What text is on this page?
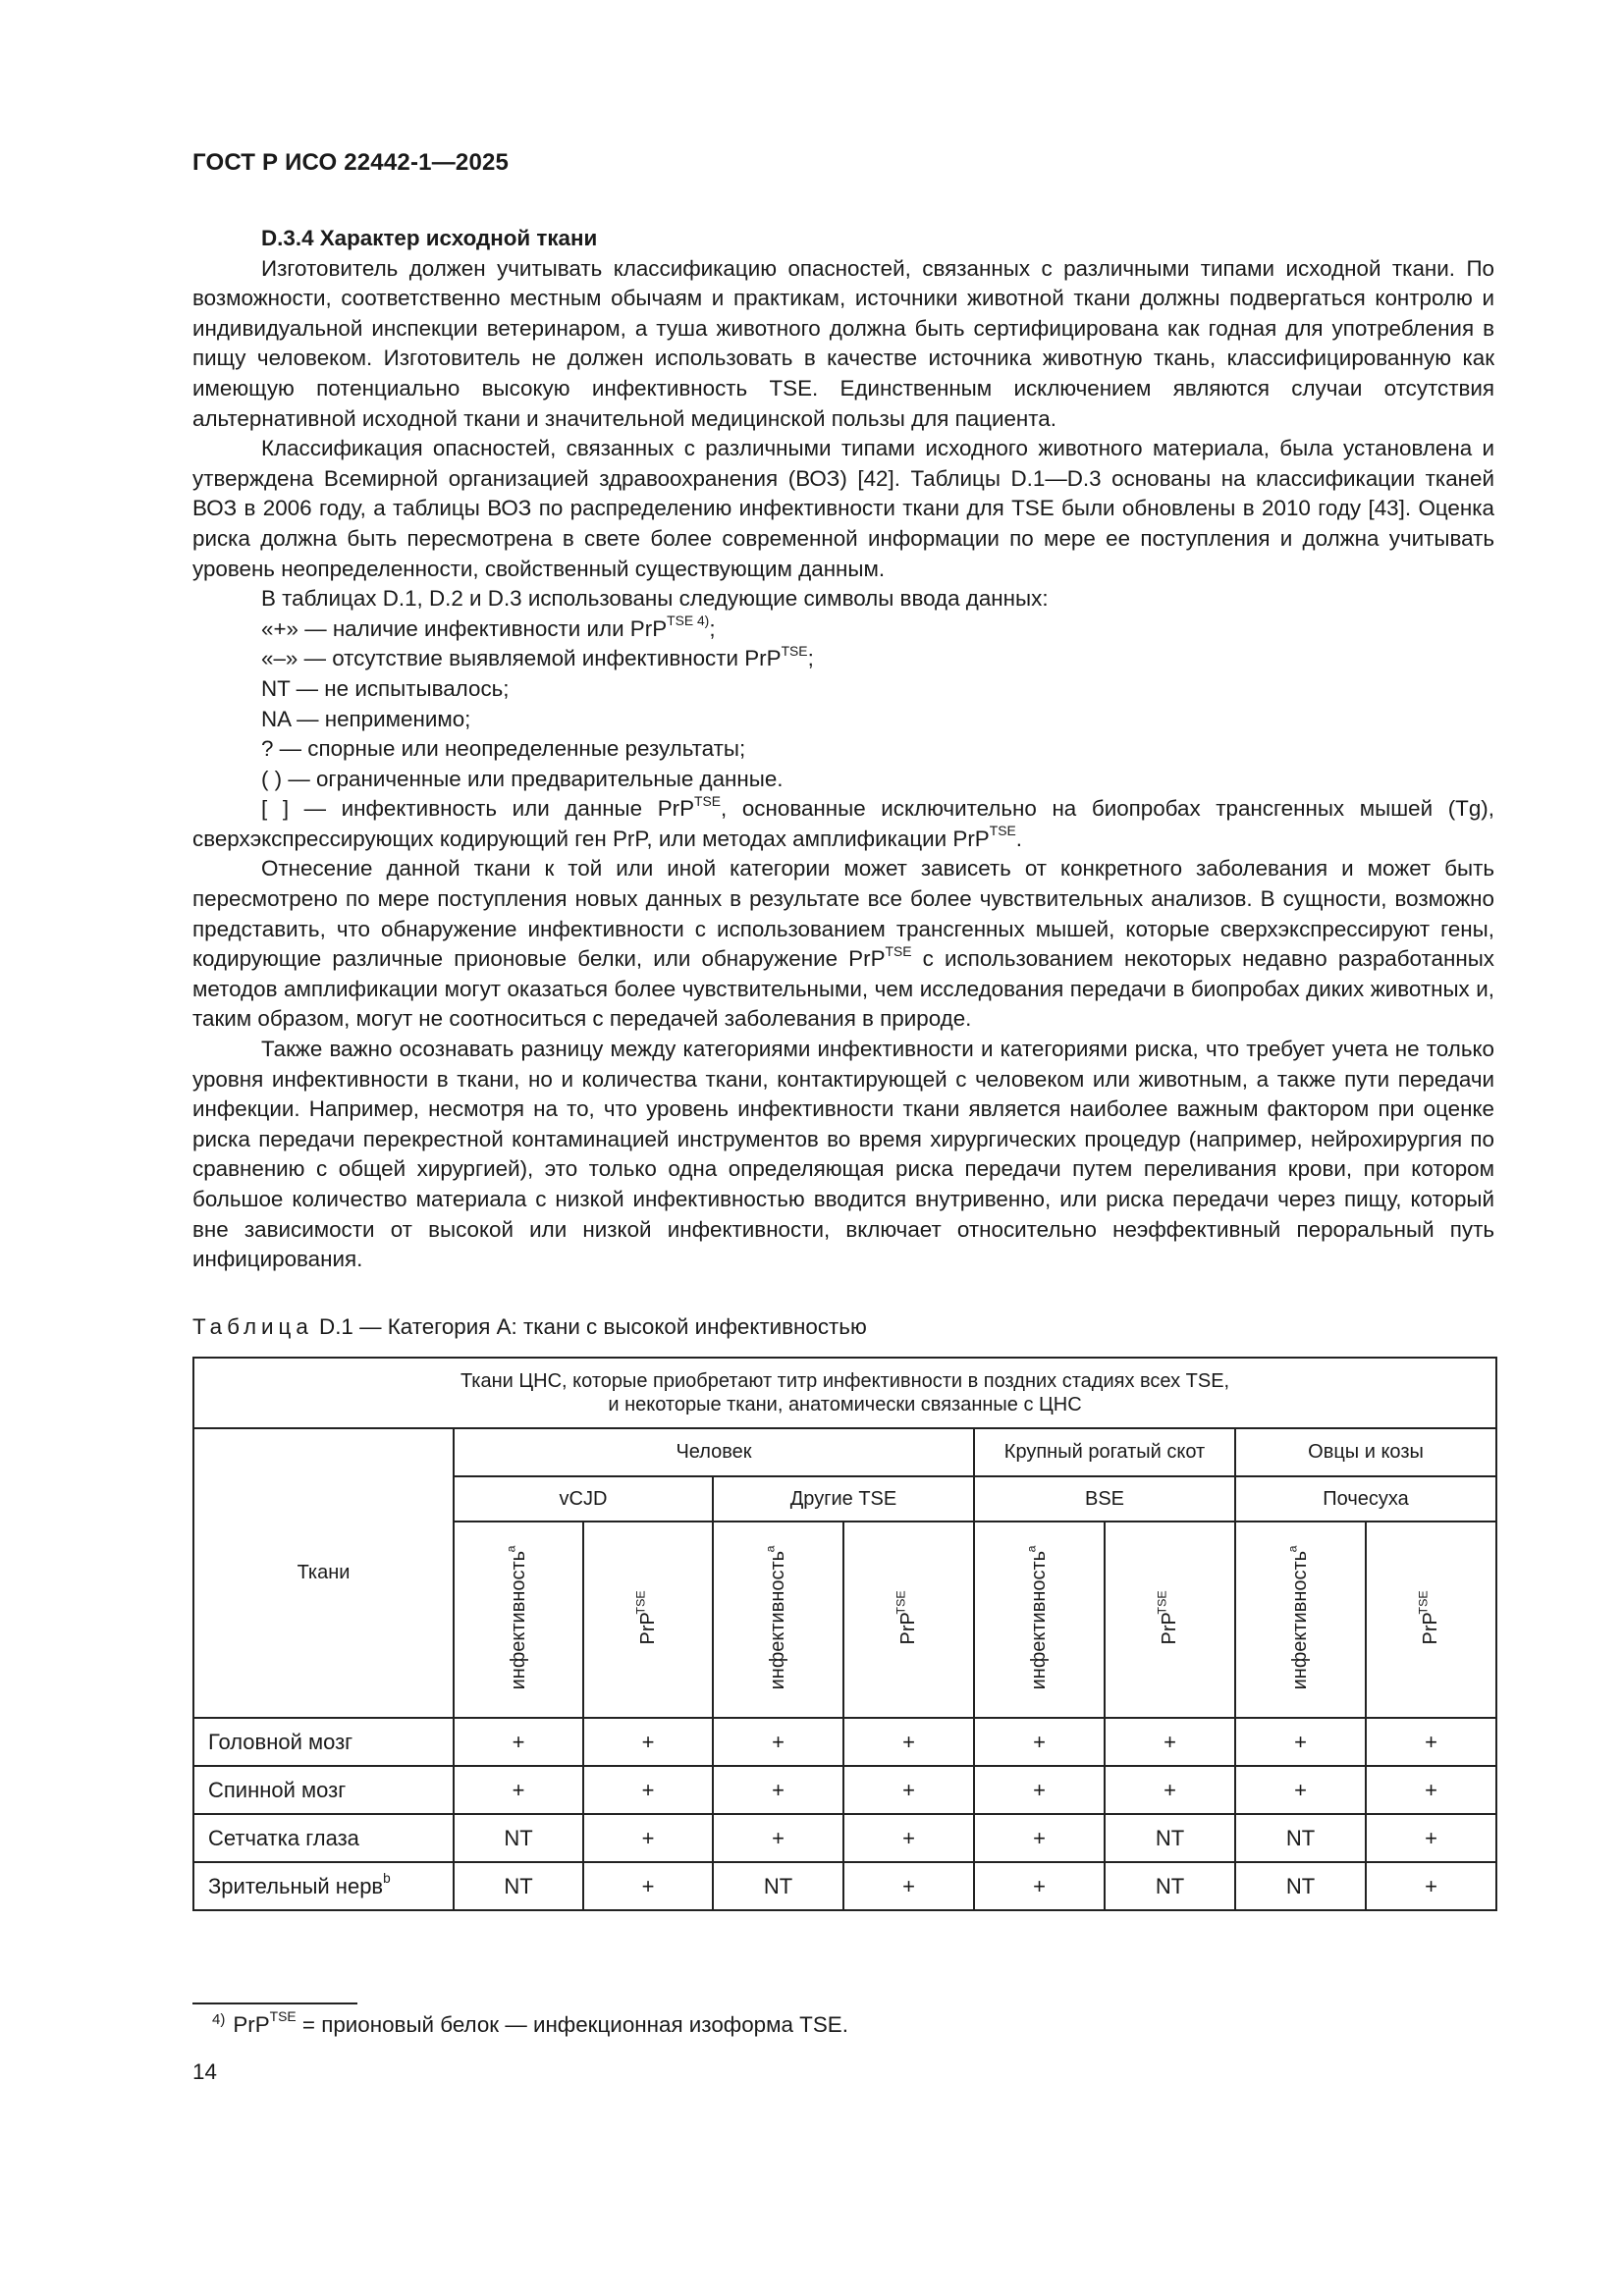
ГОСТ Р ИСО 22442-1—2025

D.3.4 Характер исходной ткани

Изготовитель должен учитывать классификацию опасностей, связанных с различными типами исходной ткани. По возможности, соответственно местным обычаям и практикам, источники животной ткани должны подвергаться контролю и индивидуальной инспекции ветеринаром, а туша животного должна быть сертифицирована как годная для употребления в пищу человеком. Изготовитель не должен использовать в качестве источника животную ткань, классифицированную как имеющую потенциально высокую инфективность TSE. Единственным исключением являются случаи отсутствия альтернативной исходной ткани и значительной медицинской пользы для пациента.

Классификация опасностей, связанных с различными типами исходного животного материала, была установлена и утверждена Всемирной организацией здравоохранения (ВОЗ) [42]. Таблицы D.1—D.3 основаны на классификации тканей ВОЗ в 2006 году, а таблицы ВОЗ по распределению инфективности ткани для TSE были обновлены в 2010 году [43]. Оценка риска должна быть пересмотрена в свете более современной информации по мере ее поступления и должна учитывать уровень неопределенности, свойственный существующим данным.

В таблицах D.1, D.2 и D.3 использованы следующие символы ввода данных:

«+» — наличие инфективности или PrP$^{TSE 4)}$;

«–» — отсутствие выявляемой инфективности PrP$^{TSE}$;

NT — не испытывалось;

NA — неприменимо;

? — спорные или неопределенные результаты;

( ) — ограниченные или предварительные данные.

[ ] — инфективность или данные PrP$^{TSE}$, основанные исключительно на биопробах трансгенных мышей (Tg), сверхэкспрессирующих кодирующий ген PrP, или методах амплификации PrP$^{TSE}$.

Отнесение данной ткани к той или иной категории может зависеть от конкретного заболевания и может быть пересмотрено по мере поступления новых данных в результате все более чувствительных анализов. В сущности, возможно представить, что обнаружение инфективности с использованием трансгенных мышей, которые сверхэкспрессируют гены, кодирующие различные прионовые белки, или обнаружение PrP$^{TSE}$ с использованием некоторых недавно разработанных методов амплификации могут оказаться более чувствительными, чем исследования передачи в биопробах диких животных и, таким образом, могут не соотноситься с передачей заболевания в природе.

Также важно осознавать разницу между категориями инфективности и категориями риска, что требует учета не только уровня инфективности в ткани, но и количества ткани, контактирующей с человеком или животным, а также пути передачи инфекции. Например, несмотря на то, что уровень инфективности ткани является наиболее важным фактором при оценке риска передачи перекрестной контаминацией инструментов во время хирургических процедур (например, нейрохирургия по сравнению с общей хирургией), это только одна определяющая риска передачи путем переливания крови, при котором большое количество материала с низкой инфективностью вводится внутривенно, или риска передачи через пищу, который вне зависимости от высокой или низкой инфективности, включает относительно неэффективный пероральный путь инфицирования.

Таблица D.1 — Категория А: ткани с высокой инфективностью
Ткани ЦНС, которые приобретают титр инфективности в поздних стадиях всех TSE,
и некоторые ткани, анатомически связанные с ЦНС								
Ткани	Человек				Крупный рогатый скот		Овцы и козы	
	vCJD		Другие TSE		BSE		Почесуха	
	инфективность$^a$	PrP$^{TSE}$	инфективность$^a$	PrP$^{TSE}$	инфективность$^a$	PrP$^{TSE}$	инфективность$^a$	PrP$^{TSE}$
Головной мозг	+	+	+	+	+	+	+	+
Спинной мозг	+	+	+	+	+	+	+	+
Сетчатка глаза	NT	+	+	+	+	NT	NT	+
Зрительный нерв$^b$	NT	+	NT	+	+	NT	NT	+
$^{4)}$ PrP$^{TSE}$ = прионовый белок — инфекционная изоформа TSE.
14
